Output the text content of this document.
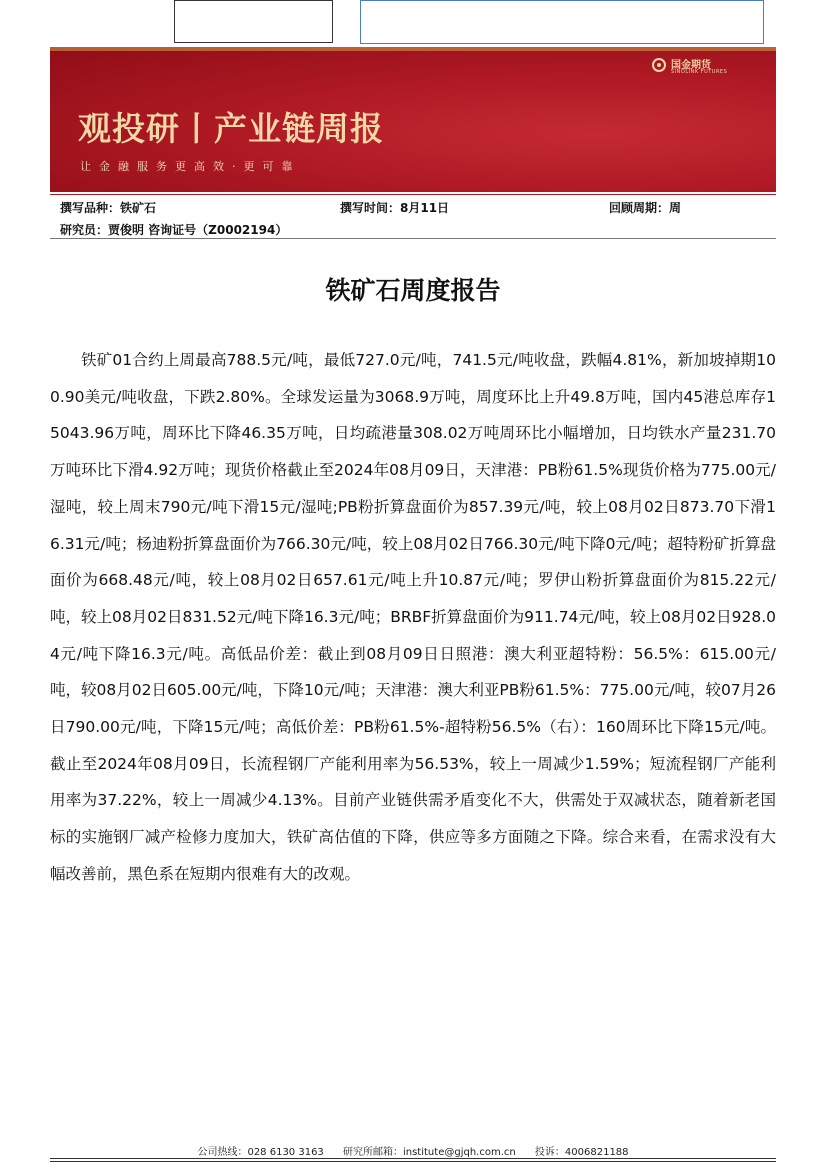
国金期货
SINOLINK FUTURES
观投研丨产业链周报
让金融服务更高效·更可靠
撰写品种：铁矿石	撰写时间：8月11日	回顾周期：周
研究员：贾俊明 咨询证号（Z0002194）
铁矿石周度报告

铁矿01合约上周最高788.5元/吨，最低727.0元/吨，741.5元/吨收盘，跌幅4.81%，新加坡掉期100.90美元/吨收盘，下跌2.80%。全球发运量为3068.9万吨，周度环比上升49.8万吨，国内45港总库存15043.96万吨，周环比下降46.35万吨，日均疏港量308.02万吨周环比小幅增加，日均铁水产量231.70万吨环比下滑4.92万吨；现货价格截止至2024年08月09日，天津港：PB粉61.5%现货价格为775.00元/湿吨，较上周末790元/吨下滑15元/湿吨;PB粉折算盘面价为857.39元/吨，较上08月02日873.70下滑16.31元/吨；杨迪粉折算盘面价为766.30元/吨，较上08月02日766.30元/吨下降0元/吨；超特粉矿折算盘面价为668.48元/吨，较上08月02日657.61元/吨上升10.87元/吨；罗伊山粉折算盘面价为815.22元/吨，较上08月02日831.52元/吨下降16.3元/吨；BRBF折算盘面价为911.74元/吨，较上08月02日928.04元/吨下降16.3元/吨。高低品价差：截止到08月09日日照港：澳大利亚超特粉：56.5%：615.00元/吨，较08月02日605.00元/吨，下降10元/吨；天津港：澳大利亚PB粉61.5%：775.00元/吨，较07月26日790.00元/吨，下降15元/吨；高低价差：PB粉61.5%-超特粉56.5%（右）：160周环比下降15元/吨。截止至2024年08月09日，长流程钢厂产能利用率为56.53%，较上一周减少1.59%；短流程钢厂产能利用率为37.22%，较上一周减少4.13%。目前产业链供需矛盾变化不大，供需处于双减状态，随着新老国标的实施钢厂减产检修力度加大，铁矿高估值的下降，供应等多方面随之下降。综合来看，在需求没有大幅改善前，黑色系在短期内很难有大的改观。

公司热线：028 6130 3163 研究所邮箱：institute@gjqh.com.cn 投诉：4006821188
